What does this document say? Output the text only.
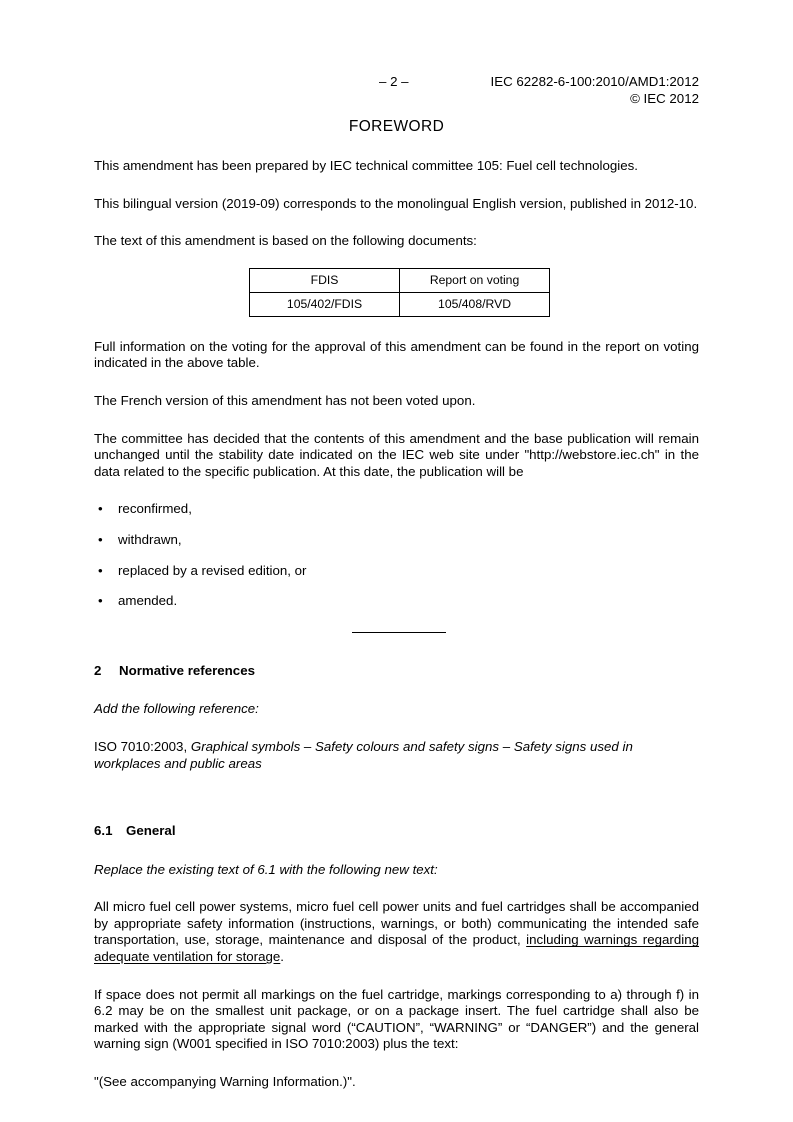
– 2 –	IEC 62282-6-100:2010/AMD1:2012
© IEC 2012
FOREWORD

This amendment has been prepared by IEC technical committee 105: Fuel cell technologies.

This bilingual version (2019-09) corresponds to the monolingual English version, published in 2012-10.

The text of this amendment is based on the following documents:

FDIS	Report on voting
105/402/FDIS	105/408/RVD

Full information on the voting for the approval of this amendment can be found in the report on voting indicated in the above table.

The French version of this amendment has not been voted upon.

The committee has decided that the contents of this amendment and the base publication will remain unchanged until the stability date indicated on the IEC web site under "http://webstore.iec.ch" in the data related to the specific publication. At this date, the publication will be

• reconfirmed,
• withdrawn,
• replaced by a revised edition, or
• amended.
2 Normative references

Add the following reference:

ISO 7010:2003, Graphical symbols – Safety colours and safety signs – Safety signs used in workplaces and public areas

6.1 General

Replace the existing text of 6.1 with the following new text:

All micro fuel cell power systems, micro fuel cell power units and fuel cartridges shall be accompanied by appropriate safety information (instructions, warnings, or both) communicating the intended safe transportation, use, storage, maintenance and disposal of the product, including warnings regarding adequate ventilation for storage.

If space does not permit all markings on the fuel cartridge, markings corresponding to a) through f) in 6.2 may be on the smallest unit package, or on a package insert. The fuel cartridge shall also be marked with the appropriate signal word (“CAUTION”, “WARNING” or “DANGER”) and the general warning sign (W001 specified in ISO 7010:2003) plus the text:

"(See accompanying Warning Information.)".
